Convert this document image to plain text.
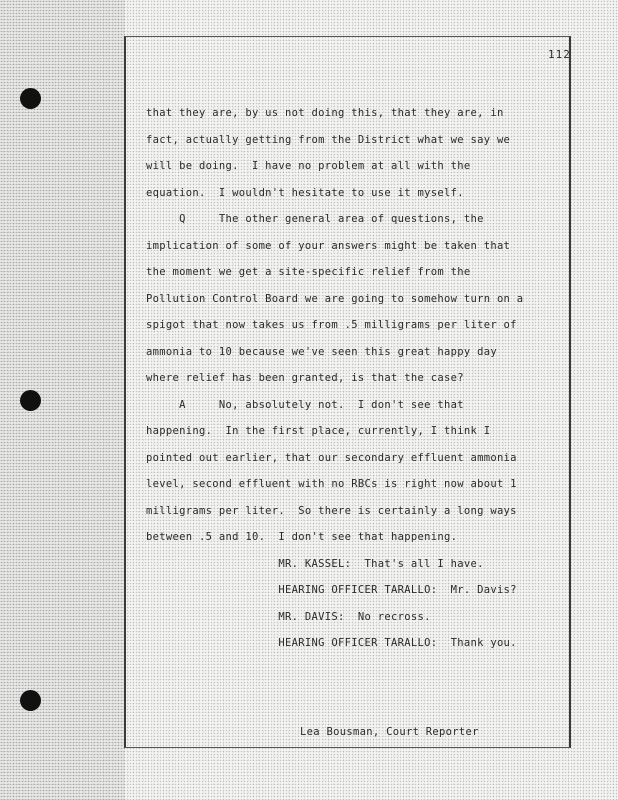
112
that they are, by us not doing this, that they are, in
fact, actually getting from the District what we say we
will be doing.  I have no problem at all with the
equation.  I wouldn't hesitate to use it myself.
Q     The other general area of questions, the
implication of some of your answers might be taken that
the moment we get a site-specific relief from the
Pollution Control Board we are going to somehow turn on a
spigot that now takes us from .5 milligrams per liter of
ammonia to 10 because we've seen this great happy day
where relief has been granted, is that the case?
A     No, absolutely not.  I don't see that
happening.  In the first place, currently, I think I
pointed out earlier, that our secondary effluent ammonia
level, second effluent with no RBCs is right now about 1
milligrams per liter.  So there is certainly a long ways
between .5 and 10.  I don't see that happening.
MR. KASSEL:  That's all I have.
HEARING OFFICER TARALLO:  Mr. Davis?
MR. DAVIS:  No recross.
HEARING OFFICER TARALLO:  Thank you.
Lea Bousman, Court Reporter
